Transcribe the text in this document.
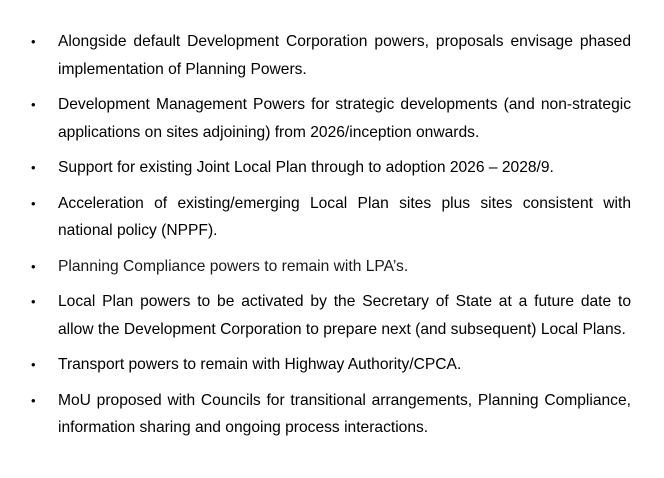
• Alongside default Development Corporation powers, proposals envisage phased implementation of Planning Powers.
• Development Management Powers for strategic developments (and non-strategic applications on sites adjoining) from 2026/inception onwards.
• Support for existing Joint Local Plan through to adoption 2026 – 2028/9.
• Acceleration of existing/emerging Local Plan sites plus sites consistent with national policy (NPPF).
• Planning Compliance powers to remain with LPA’s.
• Local Plan powers to be activated by the Secretary of State at a future date to allow the Development Corporation to prepare next (and subsequent) Local Plans.
• Transport powers to remain with Highway Authority/CPCA.
• MoU proposed with Councils for transitional arrangements, Planning Compliance, information sharing and ongoing process interactions.
